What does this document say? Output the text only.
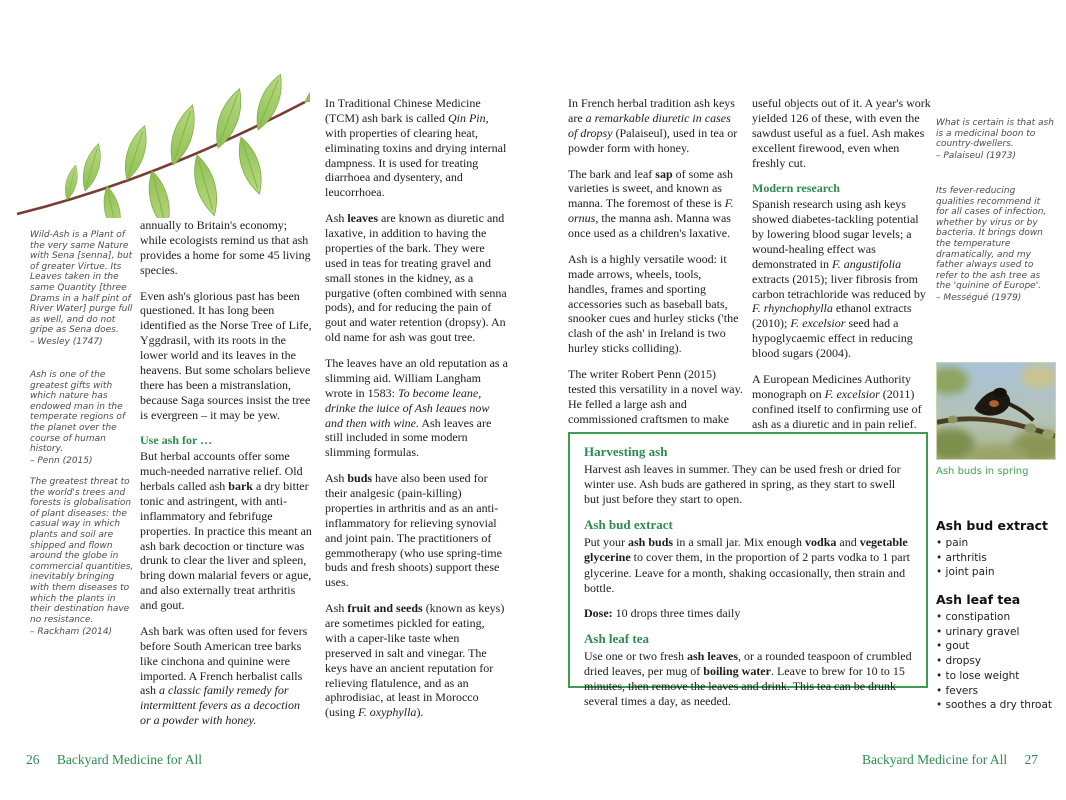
Wild-Ash is a Plant of the very same Nature with Sena [senna], but of greater Virtue. Its Leaves taken in the same Quantity [three Drams in a half pint of River Water] purge full as well, and do not gripe as Sena does.
– Wesley (1747)
Ash is one of the greatest gifts with which nature has endowed man in the temperate regions of the planet over the course of human history.
– Penn (2015)
The greatest threat to the world's trees and forests is globalisation of plant diseases: the casual way in which plants and soil are shipped and flown around the globe in commercial quantities, inevitably bringing with them diseases to which the plants in their destination have no resistance.
– Rackham (2014)

annually to Britain's economy; while ecologists remind us that ash provides a home for some 45 living species.

Even ash's glorious past has been questioned. It has long been identified as the Norse Tree of Life, Yggdrasil, with its roots in the lower world and its leaves in the heavens. But some scholars believe there has been a mistranslation, because Saga sources insist the tree is evergreen – it may be yew.

Use ash for …

But herbal accounts offer some much-needed narrative relief. Old herbals called ash bark a dry bitter tonic and astringent, with anti-inflammatory and febrifuge properties. In practice this meant an ash bark decoction or tincture was drunk to clear the liver and spleen, bring down malarial fevers or ague, and also externally treat arthritis and gout.

Ash bark was often used for fevers before South American tree barks like cinchona and quinine were imported. A French herbalist calls ash a classic family remedy for intermittent fevers as a decoction or a powder with honey.

In Traditional Chinese Medicine (TCM) ash bark is called Qin Pin, with properties of clearing heat, eliminating toxins and drying internal dampness. It is used for treating diarrhoea and dysentery, and leucorrhoea.

Ash leaves are known as diuretic and laxative, in addition to having the properties of the bark. They were used in teas for treating gravel and small stones in the kidney, as a purgative (often combined with senna pods), and for reducing the pain of gout and water retention (dropsy). An old name for ash was gout tree.

The leaves have an old reputation as a slimming aid. William Langham wrote in 1583: To become leane, drinke the iuice of Ash leaues now and then with wine. Ash leaves are still included in some modern slimming formulas.

Ash buds have also been used for their analgesic (pain-killing) properties in arthritis and as an anti-inflammatory for relieving synovial and joint pain. The practitioners of gemmotherapy (who use spring-time buds and fresh shoots) support these uses.

Ash fruit and seeds (known as keys) are sometimes pickled for eating, with a caper-like taste when preserved in salt and vinegar. The keys have an ancient reputation for relieving flatulence, and as an aphrodisiac, at least in Morocco (using F. oxyphylla).

In French herbal tradition ash keys are a remarkable diuretic in cases of dropsy (Palaiseul), used in tea or powder form with honey.

The bark and leaf sap of some ash varieties is sweet, and known as manna. The foremost of these is F. ornus, the manna ash. Manna was once used as a children's laxative.

Ash is a highly versatile wood: it made arrows, wheels, tools, handles, frames and sporting accessories such as baseball bats, snooker cues and hurley sticks ('the clash of the ash' in Ireland is two hurley sticks colliding).

The writer Robert Penn (2015) tested this versatility in a novel way. He felled a large ash and commissioned craftsmen to make

useful objects out of it. A year's work yielded 126 of these, with even the sawdust useful as a fuel. Ash makes excellent firewood, even when freshly cut.

Modern research

Spanish research using ash keys showed diabetes-tackling potential by lowering blood sugar levels; a wound-healing effect was demonstrated in F. angustifolia extracts (2015); liver fibrosis from carbon tetrachloride was reduced by F. rhynchophylla ethanol extracts (2010); F. excelsior seed had a hypoglycaemic effect in reducing blood sugars (2004).

A European Medicines Authority monograph on F. excelsior (2011) confined itself to confirming use of ash as a diuretic and in pain relief.

Harvesting ash

Harvest ash leaves in summer. They can be used fresh or dried for winter use. Ash buds are gathered in spring, as they start to swell but just before they start to open.

Ash bud extract

Put your ash buds in a small jar. Mix enough vodka and vegetable glycerine to cover them, in the proportion of 2 parts vodka to 1 part glycerine. Leave for a month, shaking occasionally, then strain and bottle.

Dose: 10 drops three times daily

Ash leaf tea

Use one or two fresh ash leaves, or a rounded teaspoon of crumbled dried leaves, per mug of boiling water. Leave to brew for 10 to 15 minutes, then remove the leaves and drink. This tea can be drunk several times a day, as needed.

What is certain is that ash is a medicinal boon to country-dwellers.
– Palaiseul (1973)
Its fever-reducing qualities recommend it for all cases of infection, whether by virus or by bacteria. It brings down the temperature dramatically, and my father always used to refer to the ash tree as the 'quinine of Europe'.
– Mességué (1979)
Ash buds in spring
Ash bud extract
• pain
• arthritis
• joint pain
Ash leaf tea
• constipation
• urinary gravel
• gout
• dropsy
• to lose weight
• fevers
• soothes a dry throat
26 Backyard Medicine for All	Backyard Medicine for All 27
